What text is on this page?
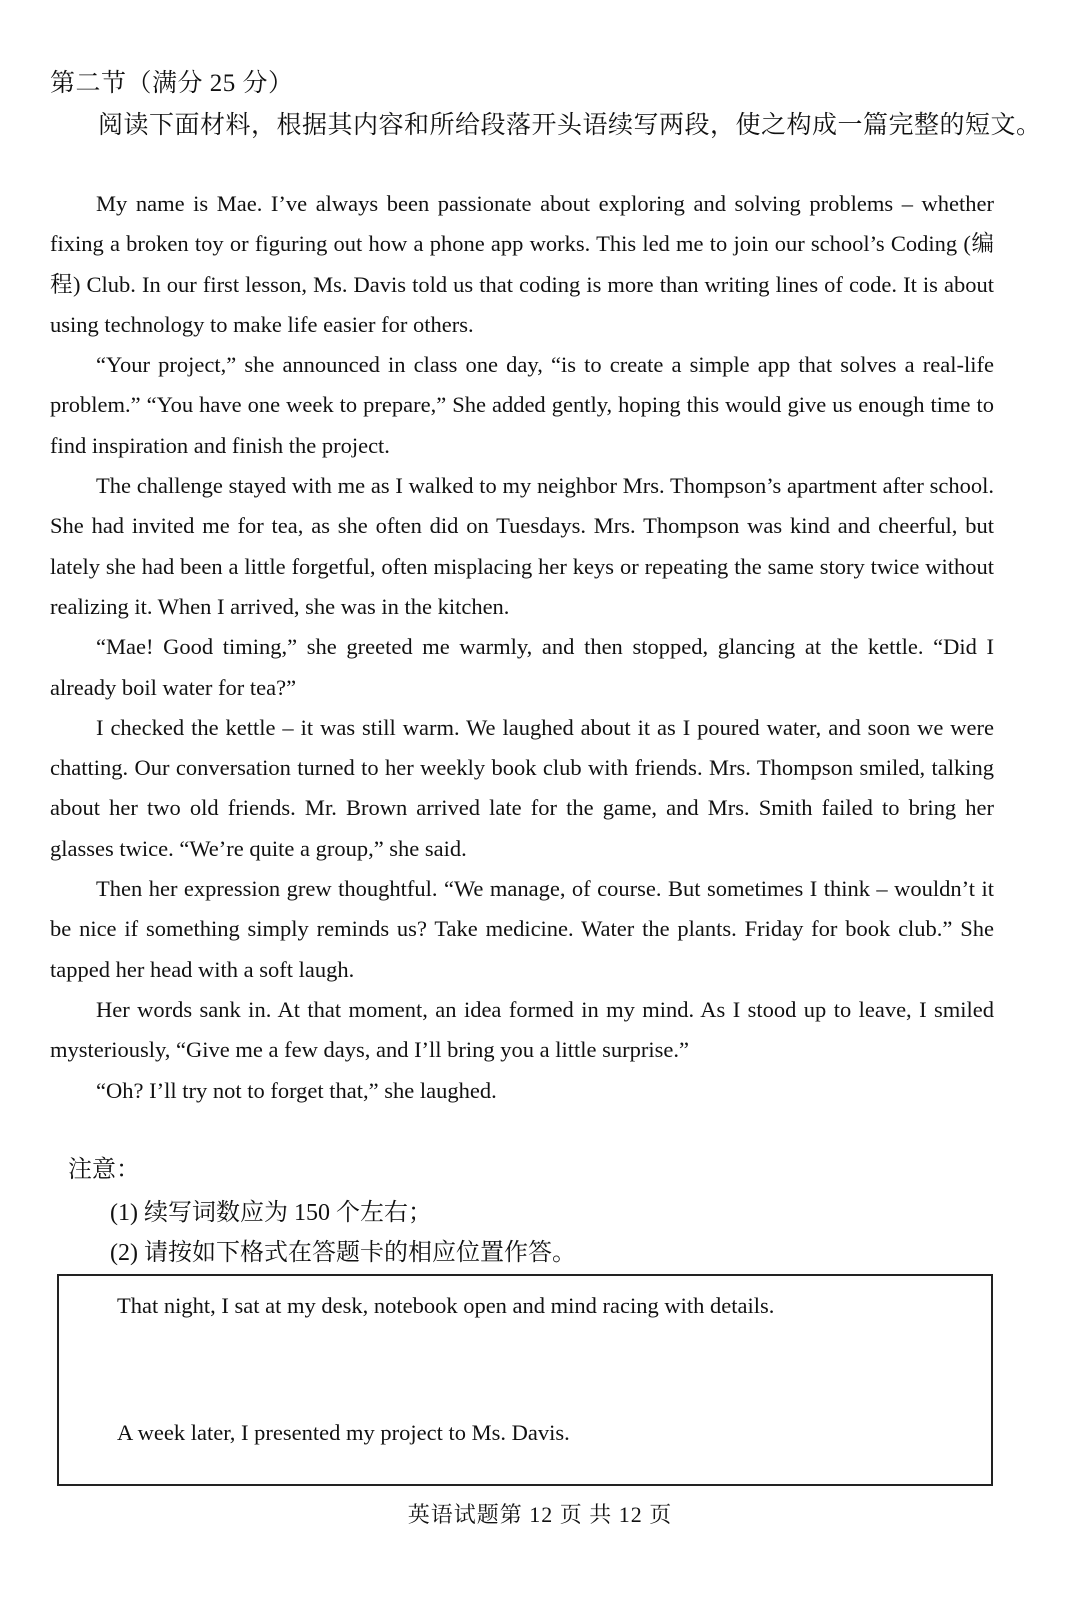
第二节（满分 25 分）
阅读下面材料，根据其内容和所给段落开头语续写两段，使之构成一篇完整的短文。

My name is Mae. I’ve always been passionate about exploring and solving problems – whether fixing a broken toy or figuring out how a phone app works. This led me to join our school’s Coding (编程) Club. In our first lesson, Ms. Davis told us that coding is more than writing lines of code. It is about using technology to make life easier for others.

“Your project,” she announced in class one day, “is to create a simple app that solves a real-life problem.” “You have one week to prepare,” She added gently, hoping this would give us enough time to find inspiration and finish the project.

The challenge stayed with me as I walked to my neighbor Mrs. Thompson’s apartment after school. She had invited me for tea, as she often did on Tuesdays. Mrs. Thompson was kind and cheerful, but lately she had been a little forgetful, often misplacing her keys or repeating the same story twice without realizing it. When I arrived, she was in the kitchen.

“Mae! Good timing,” she greeted me warmly, and then stopped, glancing at the kettle. “Did I already boil water for tea?”

I checked the kettle – it was still warm. We laughed about it as I poured water, and soon we were chatting. Our conversation turned to her weekly book club with friends. Mrs. Thompson smiled, talking about her two old friends. Mr. Brown arrived late for the game, and Mrs. Smith failed to bring her glasses twice. “We’re quite a group,” she said.

Then her expression grew thoughtful. “We manage, of course. But sometimes I think – wouldn’t it be nice if something simply reminds us? Take medicine. Water the plants. Friday for book club.” She tapped her head with a soft laugh.

Her words sank in. At that moment, an idea formed in my mind. As I stood up to leave, I smiled mysteriously, “Give me a few days, and I’ll bring you a little surprise.”

“Oh? I’ll try not to forget that,” she laughed.

注意：
(1) 续写词数应为 150 个左右；
(2) 请按如下格式在答题卡的相应位置作答。
That night, I sat at my desk, notebook open and mind racing with details.
A week later, I presented my project to Ms. Davis.
英语试题第 12 页 共 12 页
